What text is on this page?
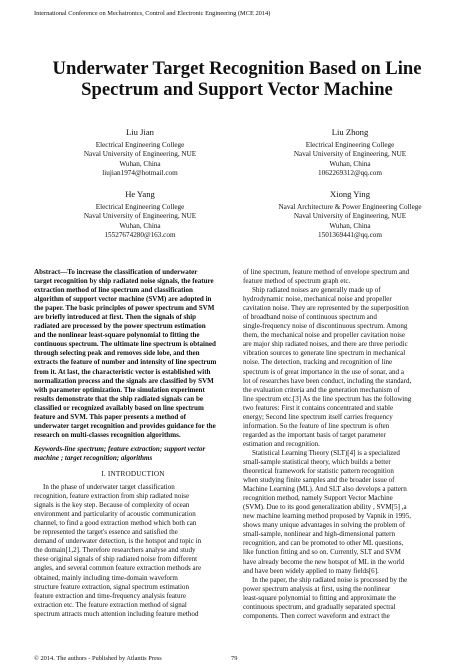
International Conference on Mechatronics, Control and Electronic Engineering (MCE 2014)
Underwater Target Recognition Based on Line
Spectrum and Support Vector Machine
Liu Jian
Electrical Engineering College
Naval University of Engineering, NUE
Wuhan, China
liujian1974@hotmail.com
Liu Zhong
Electrical Engineering College
Naval University of Engineering, NUE
Wuhan, China
1062269312@qq.com
He Yang
Electrical Engineering College
Naval University of Engineering, NUE
Wuhan, China
15527674280@163.com
Xiong Ying
Naval Architecture & Power Engineering College
Naval University of Engineering, NUE
Wuhan, China
1501369441@qq.com
Abstract—To increase the classification of underwater
target recognition by ship radiated noise signals, the feature
extraction method of line spectrum and classification
algorithm of support vector machine (SVM) are adopted in
the paper. The basic principles of power spectrum and SVM
are briefly introduced at first. Then the signals of ship
radiated are processed by the power spectrum estimation
and the nonlinear least-square polynomial to fitting the
continuous spectrum. The ultimate line spectrum is obtained
through selecting peak and removes side lobe, and then
extracts the feature of number and intensity of line spectrum
from it. At last, the characteristic vector is established with
normalization process and the signals are classified by SVM
with parameter optimization. The simulation experiment
results demonstrate that the ship radiated signals can be
classified or recognized availably based on line spectrum
feature and SVM. This paper presents a method of
underwater target recognition and provides guidance for the
research on multi-classes recognition algorithms.
Keywords-line spectrum; feature extraction; support vector
machine ; target recognition; algorithms
I. INTRODUCTION
In the phase of underwater target classification
recognition, feature extraction from ship radiated noise
signals is the key step. Because of complexity of ocean
environment and particularity of acoustic communication
channel, to find a good extraction method which both can
be represented the target's essence and satisfied the
demand of underwater detection, is the hotspot and topic in
the domain[1,2]. Therefore researchers analyse and study
these original signals of ship radiated noise from different
angles, and several common feature extraction methods are
obtained, mainly including time-domain waveform
structure feature extraction, signal spectrum estimation
feature extraction and time-frequency analysis feature
extraction etc. The feature extraction method of signal
spectrum attracts much attention including feature method
of line spectrum, feature method of envelope spectrum and
feature method of spectrum graph etc.
Ship radiated noises are generally made up of
hydrodynamic noise, mechanical noise and propeller
cavitation noise. They are represented by the superposition
of broadband noise of continuous spectrum and
single-frequency noise of discontinuous spectrum. Among
them, the mechanical noise and propeller cavitation noise
are major ship radiated noises, and there are three periodic
vibration sources to generate line spectrum in mechanical
noise. The detection, tracking and recognition of line
spectrum is of great importance in the use of sonar, and a
lot of researches have been conduct, including the standard,
the evaluation criteria and the generation mechanism of
line spectrum etc.[3] As the line spectrum has the following
two features: First it contains concentrated and stable
energy; Second line spectrum itself carries frequency
information. So the feature of line spectrum is often
regarded as the important basis of target parameter
estimation and recognition.
Statistical Learning Theory (SLT)[4] is a specialized
small-sample statistical theory, which builds a better
theoretical framework for statistic pattern recognition
when studying finite samples and the broader issue of
Machine Learning (ML). And SLT also develops a pattern
recognition method, namely Support Vector Machine
(SVM). Due to its good generalization ability , SVM[5] ,a
new machine learning method proposed by Vapnik in 1995,
shows many unique advantages in solving the problem of
small-sample, nonlinear and high-dimensional pattern
recognition, and can be promoted to other ML questions,
like function fitting and so on. Currently, SLT and SVM
have already become the new hotspot of ML in the world
and have been widely applied to many fields[6].
In the paper, the ship radiated noise is processed by the
power spectrum analysis at first, using the nonlinear
least-square polynomial to fitting and approximate the
continuous spectrum, and gradually separated spectral
components. Then correct waveform and extract the
© 2014. The authors - Published by Atlantis Press	79
